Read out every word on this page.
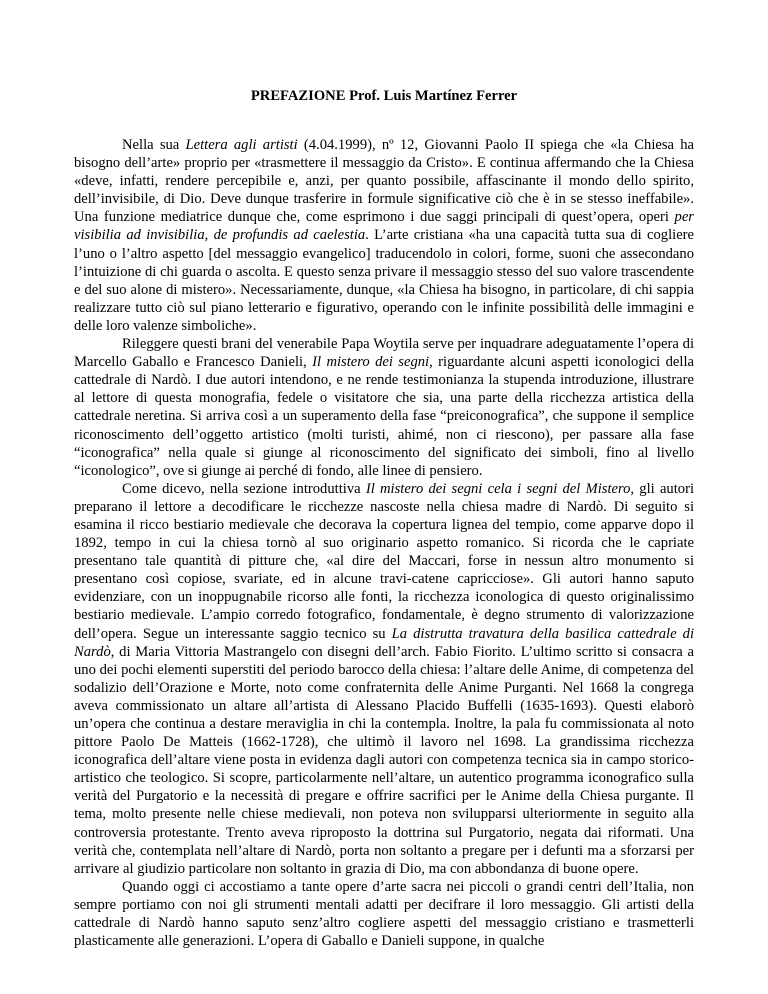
PREFAZIONE Prof. Luis Martínez Ferrer

Nella sua Lettera agli artisti (4.04.1999), nº 12, Giovanni Paolo II spiega che «la Chiesa ha bisogno dell’arte» proprio per «trasmettere il messaggio da Cristo». E continua affermando che la Chiesa «deve, infatti, rendere percepibile e, anzi, per quanto possibile, affascinante il mondo dello spirito, dell’invisibile, di Dio. Deve dunque trasferire in formule significative ciò che è in se stesso ineffabile». Una funzione mediatrice dunque che, come esprimono i due saggi principali di quest’opera, operi per visibilia ad invisibilia, de profundis ad caelestia. L’arte cristiana «ha una capacità tutta sua di cogliere l’uno o l’altro aspetto [del messaggio evangelico] traducendolo in colori, forme, suoni che assecondano l’intuizione di chi guarda o ascolta. E questo senza privare il messaggio stesso del suo valore trascendente e del suo alone di mistero». Necessariamente, dunque, «la Chiesa ha bisogno, in particolare, di chi sappia realizzare tutto ciò sul piano letterario e figurativo, operando con le infinite possibilità delle immagini e delle loro valenze simboliche».

Rileggere questi brani del venerabile Papa Woytila serve per inquadrare adeguatamente l’opera di Marcello Gaballo e Francesco Danieli, Il mistero dei segni, riguardante alcuni aspetti iconologici della cattedrale di Nardò. I due autori intendono, e ne rende testimonianza la stupenda introduzione, illustrare al lettore di questa monografia, fedele o visitatore che sia, una parte della ricchezza artistica della cattedrale neretina. Si arriva così a un superamento della fase “preiconografica”, che suppone il semplice riconoscimento dell’oggetto artistico (molti turisti, ahimé, non ci riescono), per passare alla fase “iconografica” nella quale si giunge al riconoscimento del significato dei simboli, fino al livello “iconologico”, ove si giunge ai perché di fondo, alle linee di pensiero.

Come dicevo, nella sezione introduttiva Il mistero dei segni cela i segni del Mistero, gli autori preparano il lettore a decodificare le ricchezze nascoste nella chiesa madre di Nardò. Di seguito si esamina il ricco bestiario medievale che decorava la copertura lignea del tempio, come apparve dopo il 1892, tempo in cui la chiesa tornò al suo originario aspetto romanico. Si ricorda che le capriate presentano tale quantità di pitture che, «al dire del Maccari, forse in nessun altro monumento si presentano così copiose, svariate, ed in alcune travi-catene capricciose». Gli autori hanno saputo evidenziare, con un inoppugnabile ricorso alle fonti, la ricchezza iconologica di questo originalissimo bestiario medievale. L’ampio corredo fotografico, fondamentale, è degno strumento di valorizzazione dell’opera. Segue un interessante saggio tecnico su La distrutta travatura della basilica cattedrale di Nardò, di Maria Vittoria Mastrangelo con disegni dell’arch. Fabio Fiorito. L’ultimo scritto si consacra a uno dei pochi elementi superstiti del periodo barocco della chiesa: l’altare delle Anime, di competenza del sodalizio dell’Orazione e Morte, noto come confraternita delle Anime Purganti. Nel 1668 la congrega aveva commissionato un altare all’artista di Alessano Placido Buffelli (1635-1693). Questi elaborò un’opera che continua a destare meraviglia in chi la contempla. Inoltre, la pala fu commissionata al noto pittore Paolo De Matteis (1662-1728), che ultimò il lavoro nel 1698. La grandissima ricchezza iconografica dell’altare viene posta in evidenza dagli autori con competenza tecnica sia in campo storico-artistico che teologico. Si scopre, particolarmente nell’altare, un autentico programma iconografico sulla verità del Purgatorio e la necessità di pregare e offrire sacrifici per le Anime della Chiesa purgante. Il tema, molto presente nelle chiese medievali, non poteva non svilupparsi ulteriormente in seguito alla controversia protestante. Trento aveva riproposto la dottrina sul Purgatorio, negata dai riformati. Una verità che, contemplata nell’altare di Nardò, porta non soltanto a pregare per i defunti ma a sforzarsi per arrivare al giudizio particolare non soltanto in grazia di Dio, ma con abbondanza di buone opere.

Quando oggi ci accostiamo a tante opere d’arte sacra nei piccoli o grandi centri dell’Italia, non sempre portiamo con noi gli strumenti mentali adatti per decifrare il loro messaggio. Gli artisti della cattedrale di Nardò hanno saputo senz’altro cogliere aspetti del messaggio cristiano e trasmetterli plasticamente alle generazioni. L’opera di Gaballo e Danieli suppone, in qualche
